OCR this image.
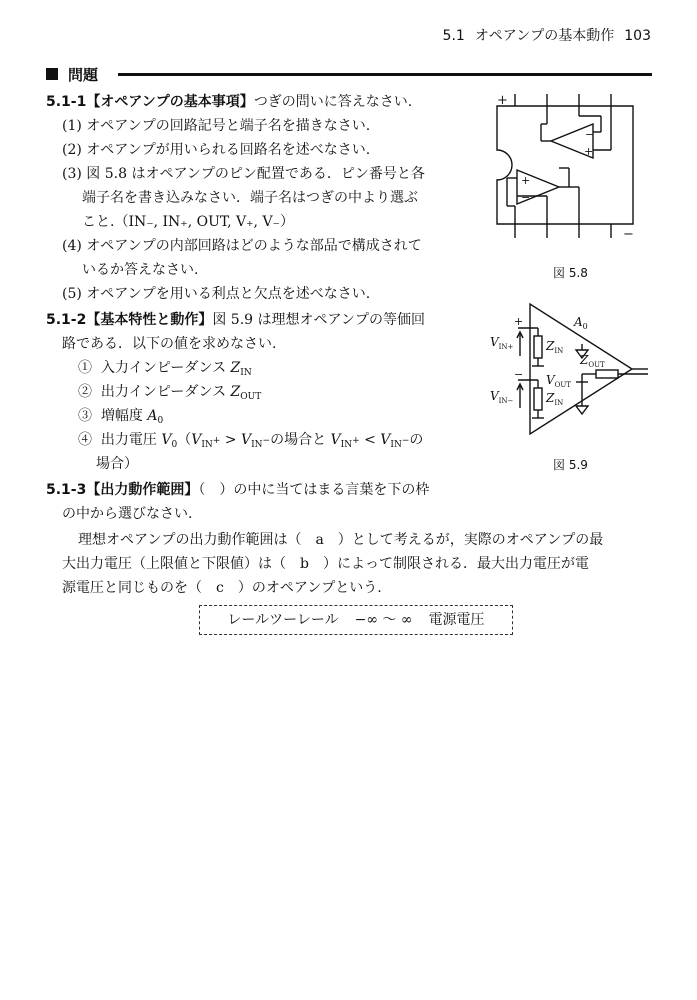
5.1 オペアンプの基本動作 103
問題
5.1-1【オペアンプの基本事項】つぎの問いに答えなさい.
(1) オペアンプの回路記号と端子名を描きなさい.
(2) オペアンプが用いられる回路名を述べなさい.
(3) 図 5.8 はオペアンプのピン配置である．ピン番号と各
端子名を書き込みなさい．端子名はつぎの中より選ぶ
こと.（IN₋, IN₊, OUT, V₊, V₋）
(4) オペアンプの内部回路はどのような部品で構成されて
いるか答えなさい.
(5) オペアンプを用いる利点と欠点を述べなさい.
5.1-2【基本特性と動作】図 5.9 は理想オペアンプの等価回
路である．以下の値を求めなさい.
① 入力インピーダンス $Z_{IN}$
② 出力インピーダンス $Z_{OUT}$
③ 増幅度 $A_0$
④ 出力電圧 $V_0(V_{IN^+} > V_{IN^-}$の場合と $V_{IN^+} < V_{IN^-}$の
場合）
5.1-3【出力動作範囲】（　）の中に当てはまる言葉を下の枠
の中から選びなさい.
理想オペアンプの出力動作範囲は（　a　）として考えるが，実際のオペアンプの最
大出力電圧（上限値と下限値）は（　b　）によって制限される．最大出力電圧が電
源電圧と同じものを（　c　）のオペアンプという.
レールツーレール −∞ 〜 ∞ 電源電圧
−
+
+
−
+
−
図 5.8
+
−
$A_0$
$V_{IN+}$
$V_{IN-}$
$Z_{IN}$
$Z_{IN}$
$Z_{OUT}$
$V_{OUT}$
図 5.9
